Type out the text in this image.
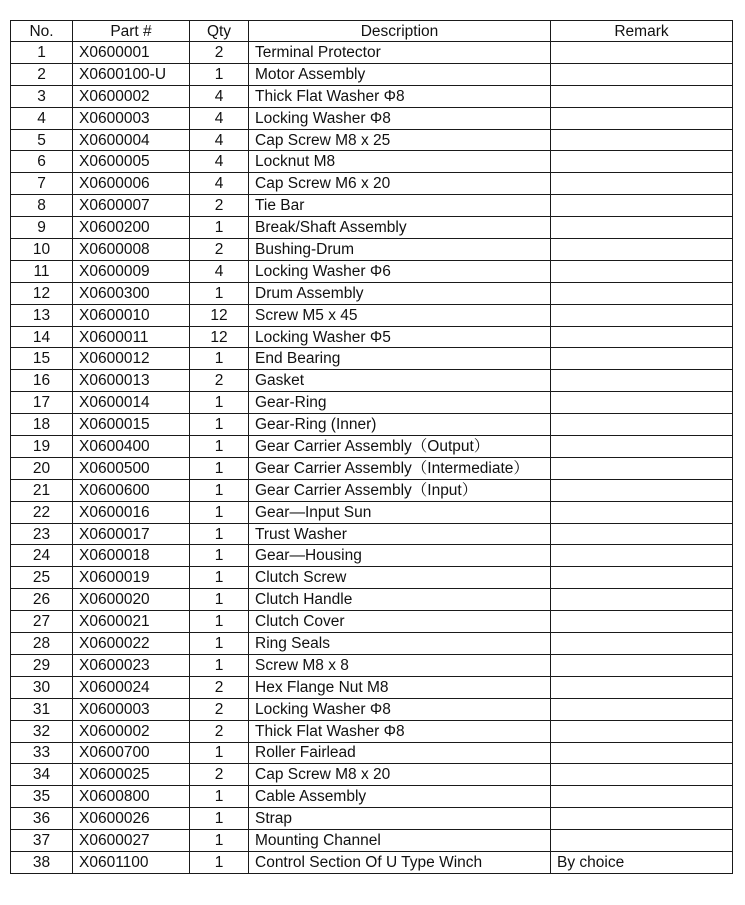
No.	Part #	Qty	Description	Remark
1	X0600001	2	Terminal Protector	
2	X0600100-U	1	Motor Assembly	
3	X0600002	4	Thick Flat Washer Φ8	
4	X0600003	4	Locking Washer Φ8	
5	X0600004	4	Cap Screw M8 x 25	
6	X0600005	4	Locknut M8	
7	X0600006	4	Cap Screw M6 x 20	
8	X0600007	2	Tie Bar	
9	X0600200	1	Break/Shaft Assembly	
10	X0600008	2	Bushing-Drum	
11	X0600009	4	Locking Washer Φ6	
12	X0600300	1	Drum Assembly	
13	X0600010	12	Screw M5 x 45	
14	X0600011	12	Locking Washer Φ5	
15	X0600012	1	End Bearing	
16	X0600013	2	Gasket	
17	X0600014	1	Gear-Ring	
18	X0600015	1	Gear-Ring (Inner)	
19	X0600400	1	Gear Carrier Assembly（Output）	
20	X0600500	1	Gear Carrier Assembly（Intermediate）	
21	X0600600	1	Gear Carrier Assembly（Input）	
22	X0600016	1	Gear—Input Sun	
23	X0600017	1	Trust Washer	
24	X0600018	1	Gear—Housing	
25	X0600019	1	Clutch Screw	
26	X0600020	1	Clutch Handle	
27	X0600021	1	Clutch Cover	
28	X0600022	1	Ring Seals	
29	X0600023	1	Screw M8 x 8	
30	X0600024	2	Hex Flange Nut M8	
31	X0600003	2	Locking Washer Φ8	
32	X0600002	2	Thick Flat Washer Φ8	
33	X0600700	1	Roller Fairlead	
34	X0600025	2	Cap Screw M8 x 20	
35	X0600800	1	Cable Assembly	
36	X0600026	1	Strap	
37	X0600027	1	Mounting Channel	
38	X0601100	1	Control Section Of U Type Winch	By choice
